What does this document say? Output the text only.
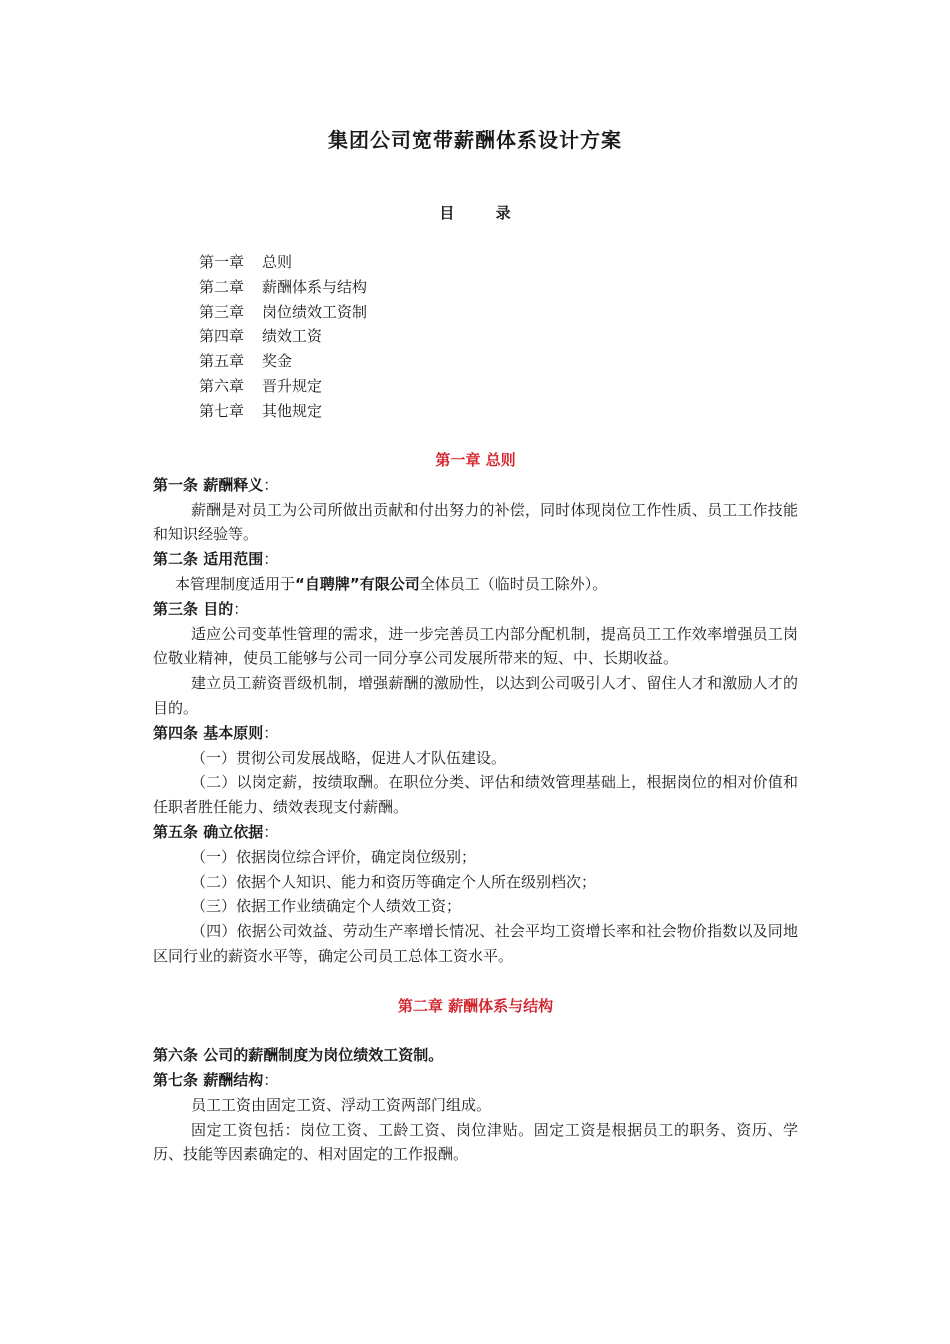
集团公司宽带薪酬体系设计方案
目 录
第一章 总则
第二章 薪酬体系与结构
第三章 岗位绩效工资制
第四章 绩效工资
第五章 奖金
第六章 晋升规定
第七章 其他规定

第一章 总则

第一条 薪酬释义：

薪酬是对员工为公司所做出贡献和付出努力的补偿，同时体现岗位工作性质、员工工作技能和知识经验等。

第二条 适用范围：

本管理制度适用于“自聘牌”有限公司全体员工（临时员工除外）。

第三条 目的：

适应公司变革性管理的需求，进一步完善员工内部分配机制，提高员工工作效率增强员工岗位敬业精神，使员工能够与公司一同分享公司发展所带来的短、中、长期收益。

建立员工薪资晋级机制，增强薪酬的激励性，以达到公司吸引人才、留住人才和激励人才的目的。

第四条 基本原则：

（一）贯彻公司发展战略，促进人才队伍建设。

（二）以岗定薪，按绩取酬。在职位分类、评估和绩效管理基础上，根据岗位的相对价值和任职者胜任能力、绩效表现支付薪酬。

第五条 确立依据：

（一）依据岗位综合评价，确定岗位级别；

（二）依据个人知识、能力和资历等确定个人所在级别档次；

（三）依据工作业绩确定个人绩效工资；

（四）依据公司效益、劳动生产率增长情况、社会平均工资增长率和社会物价指数以及同地区同行业的薪资水平等，确定公司员工总体工资水平。

第二章 薪酬体系与结构

第六条 公司的薪酬制度为岗位绩效工资制。

第七条 薪酬结构：

员工工资由固定工资、浮动工资两部门组成。

固定工资包括：岗位工资、工龄工资、岗位津贴。固定工资是根据员工的职务、资历、学历、技能等因素确定的、相对固定的工作报酬。
